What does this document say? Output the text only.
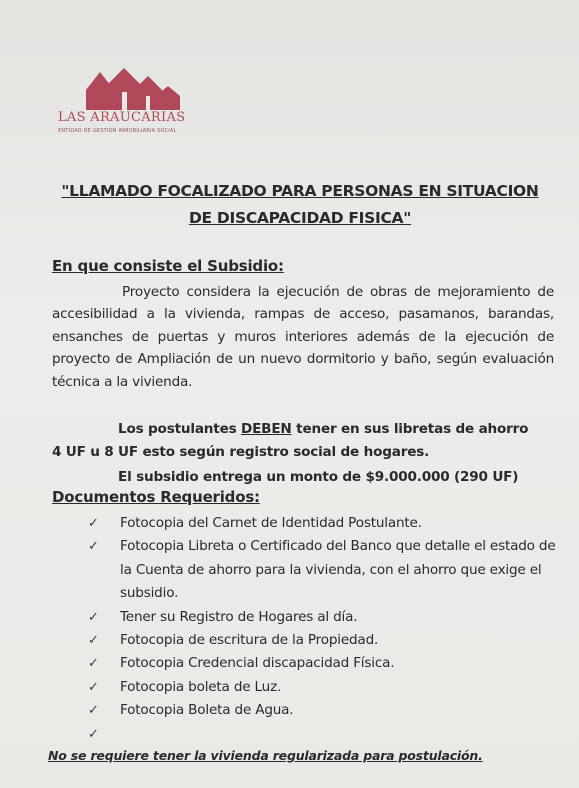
LAS ARAUCARIAS
ENTIDAD DE GESTION INMOBILIARIA SOCIAL
"LLAMADO FOCALIZADO PARA PERSONAS EN SITUACION
DE DISCAPACIDAD FISICA"
En que consiste el Subsidio:
Proyecto considera la ejecución de obras de mejoramiento de accesibilidad a la vivienda, rampas de acceso, pasamanos, barandas, ensanches de puertas y muros interiores además de la ejecución de proyecto de Ampliación de un nuevo dormitorio y baño, según evaluación técnica a la vivienda.
Los postulantes DEBEN tener en sus libretas de ahorro
4 UF u 8 UF esto según registro social de hogares.
El subsidio entrega un monto de $9.000.000 (290 UF)
Documentos Requeridos:
✓	Fotocopia del Carnet de Identidad Postulante.
✓	Fotocopia Libreta o Certificado del Banco que detalle el estado de la Cuenta de ahorro para la vivienda, con el ahorro que exige el subsidio.
✓	Tener su Registro de Hogares al día.
✓	Fotocopia de escritura de la Propiedad.
✓	Fotocopia Credencial discapacidad Física.
✓	Fotocopia boleta de Luz.
✓	Fotocopia Boleta de Agua.
✓
No se requiere tener la vivienda regularizada para postulación.
